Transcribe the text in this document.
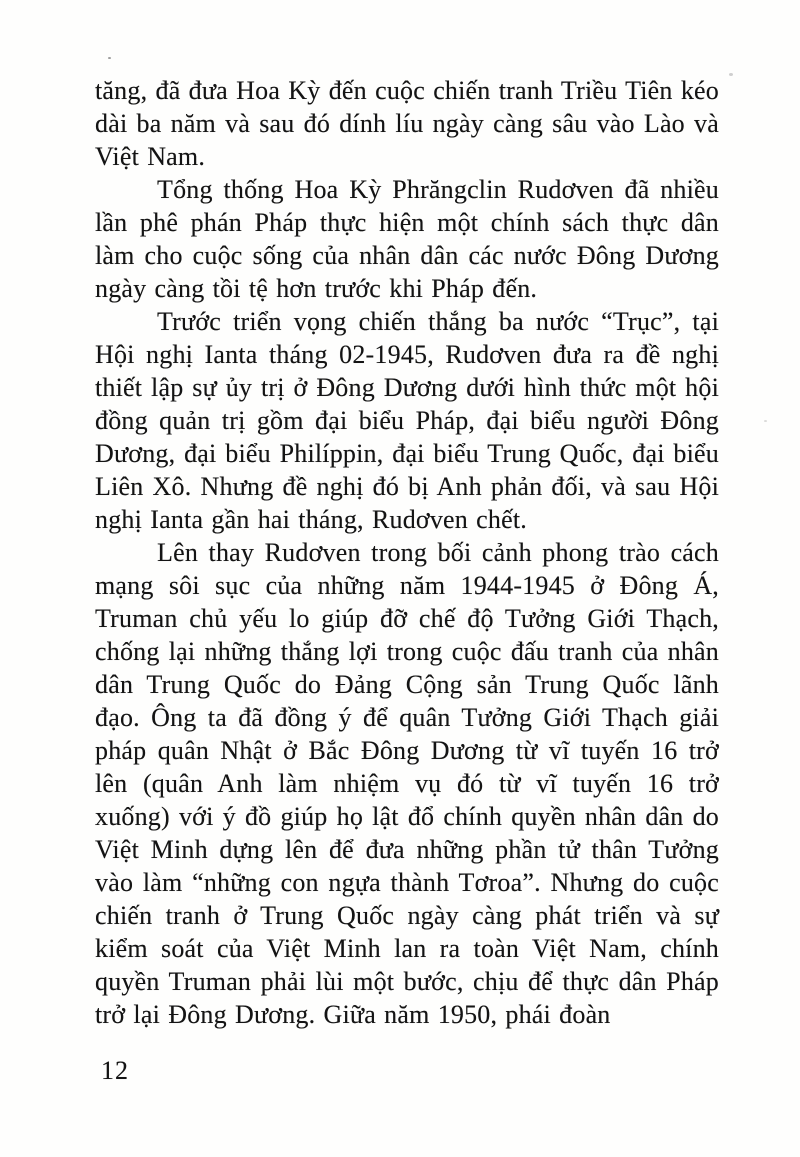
tăng, đã đưa Hoa Kỳ đến cuộc chiến tranh Triều Tiên kéo dài ba năm và sau đó dính líu ngày càng sâu vào Lào và Việt Nam.

Tổng thống Hoa Kỳ Phrăngclin Rudơven đã nhiều lần phê phán Pháp thực hiện một chính sách thực dân làm cho cuộc sống của nhân dân các nước Đông Dương ngày càng tồi tệ hơn trước khi Pháp đến.

Trước triển vọng chiến thắng ba nước “Trục”, tại Hội nghị Ianta tháng 02-1945, Rudơven đưa ra đề nghị thiết lập sự ủy trị ở Đông Dương dưới hình thức một hội đồng quản trị gồm đại biểu Pháp, đại biểu người Đông Dương, đại biểu Philíppin, đại biểu Trung Quốc, đại biểu Liên Xô. Nhưng đề nghị đó bị Anh phản đối, và sau Hội nghị Ianta gần hai tháng, Rudơven chết.

Lên thay Rudơven trong bối cảnh phong trào cách mạng sôi sục của những năm 1944-1945 ở Đông Á, Truman chủ yếu lo giúp đỡ chế độ Tưởng Giới Thạch, chống lại những thắng lợi trong cuộc đấu tranh của nhân dân Trung Quốc do Đảng Cộng sản Trung Quốc lãnh đạo. Ông ta đã đồng ý để quân Tưởng Giới Thạch giải pháp quân Nhật ở Bắc Đông Dương từ vĩ tuyến 16 trở lên (quân Anh làm nhiệm vụ đó từ vĩ tuyến 16 trở xuống) với ý đồ giúp họ lật đổ chính quyền nhân dân do Việt Minh dựng lên để đưa những phần tử thân Tưởng vào làm “những con ngựa thành Tơroa”. Nhưng do cuộc chiến tranh ở Trung Quốc ngày càng phát triển và sự kiểm soát của Việt Minh lan ra toàn Việt Nam, chính quyền Truman phải lùi một bước, chịu để thực dân Pháp trở lại Đông Dương. Giữa năm 1950, phái đoàn

12
